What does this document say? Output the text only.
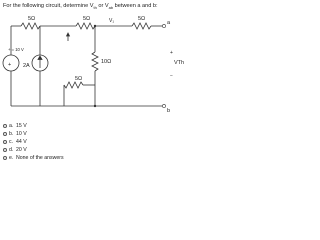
For the following circuit, determine $V_{th}$ or $V_{ab}$ between a and b:
5Ω	5Ω	5Ω
V₁	a
b
+ = 10 V
+ 2A
10Ω
5Ω
+
VTh
−
a. 15 V
b. 10 V
c. 44 V
d. 20 V
e. None of the answers
